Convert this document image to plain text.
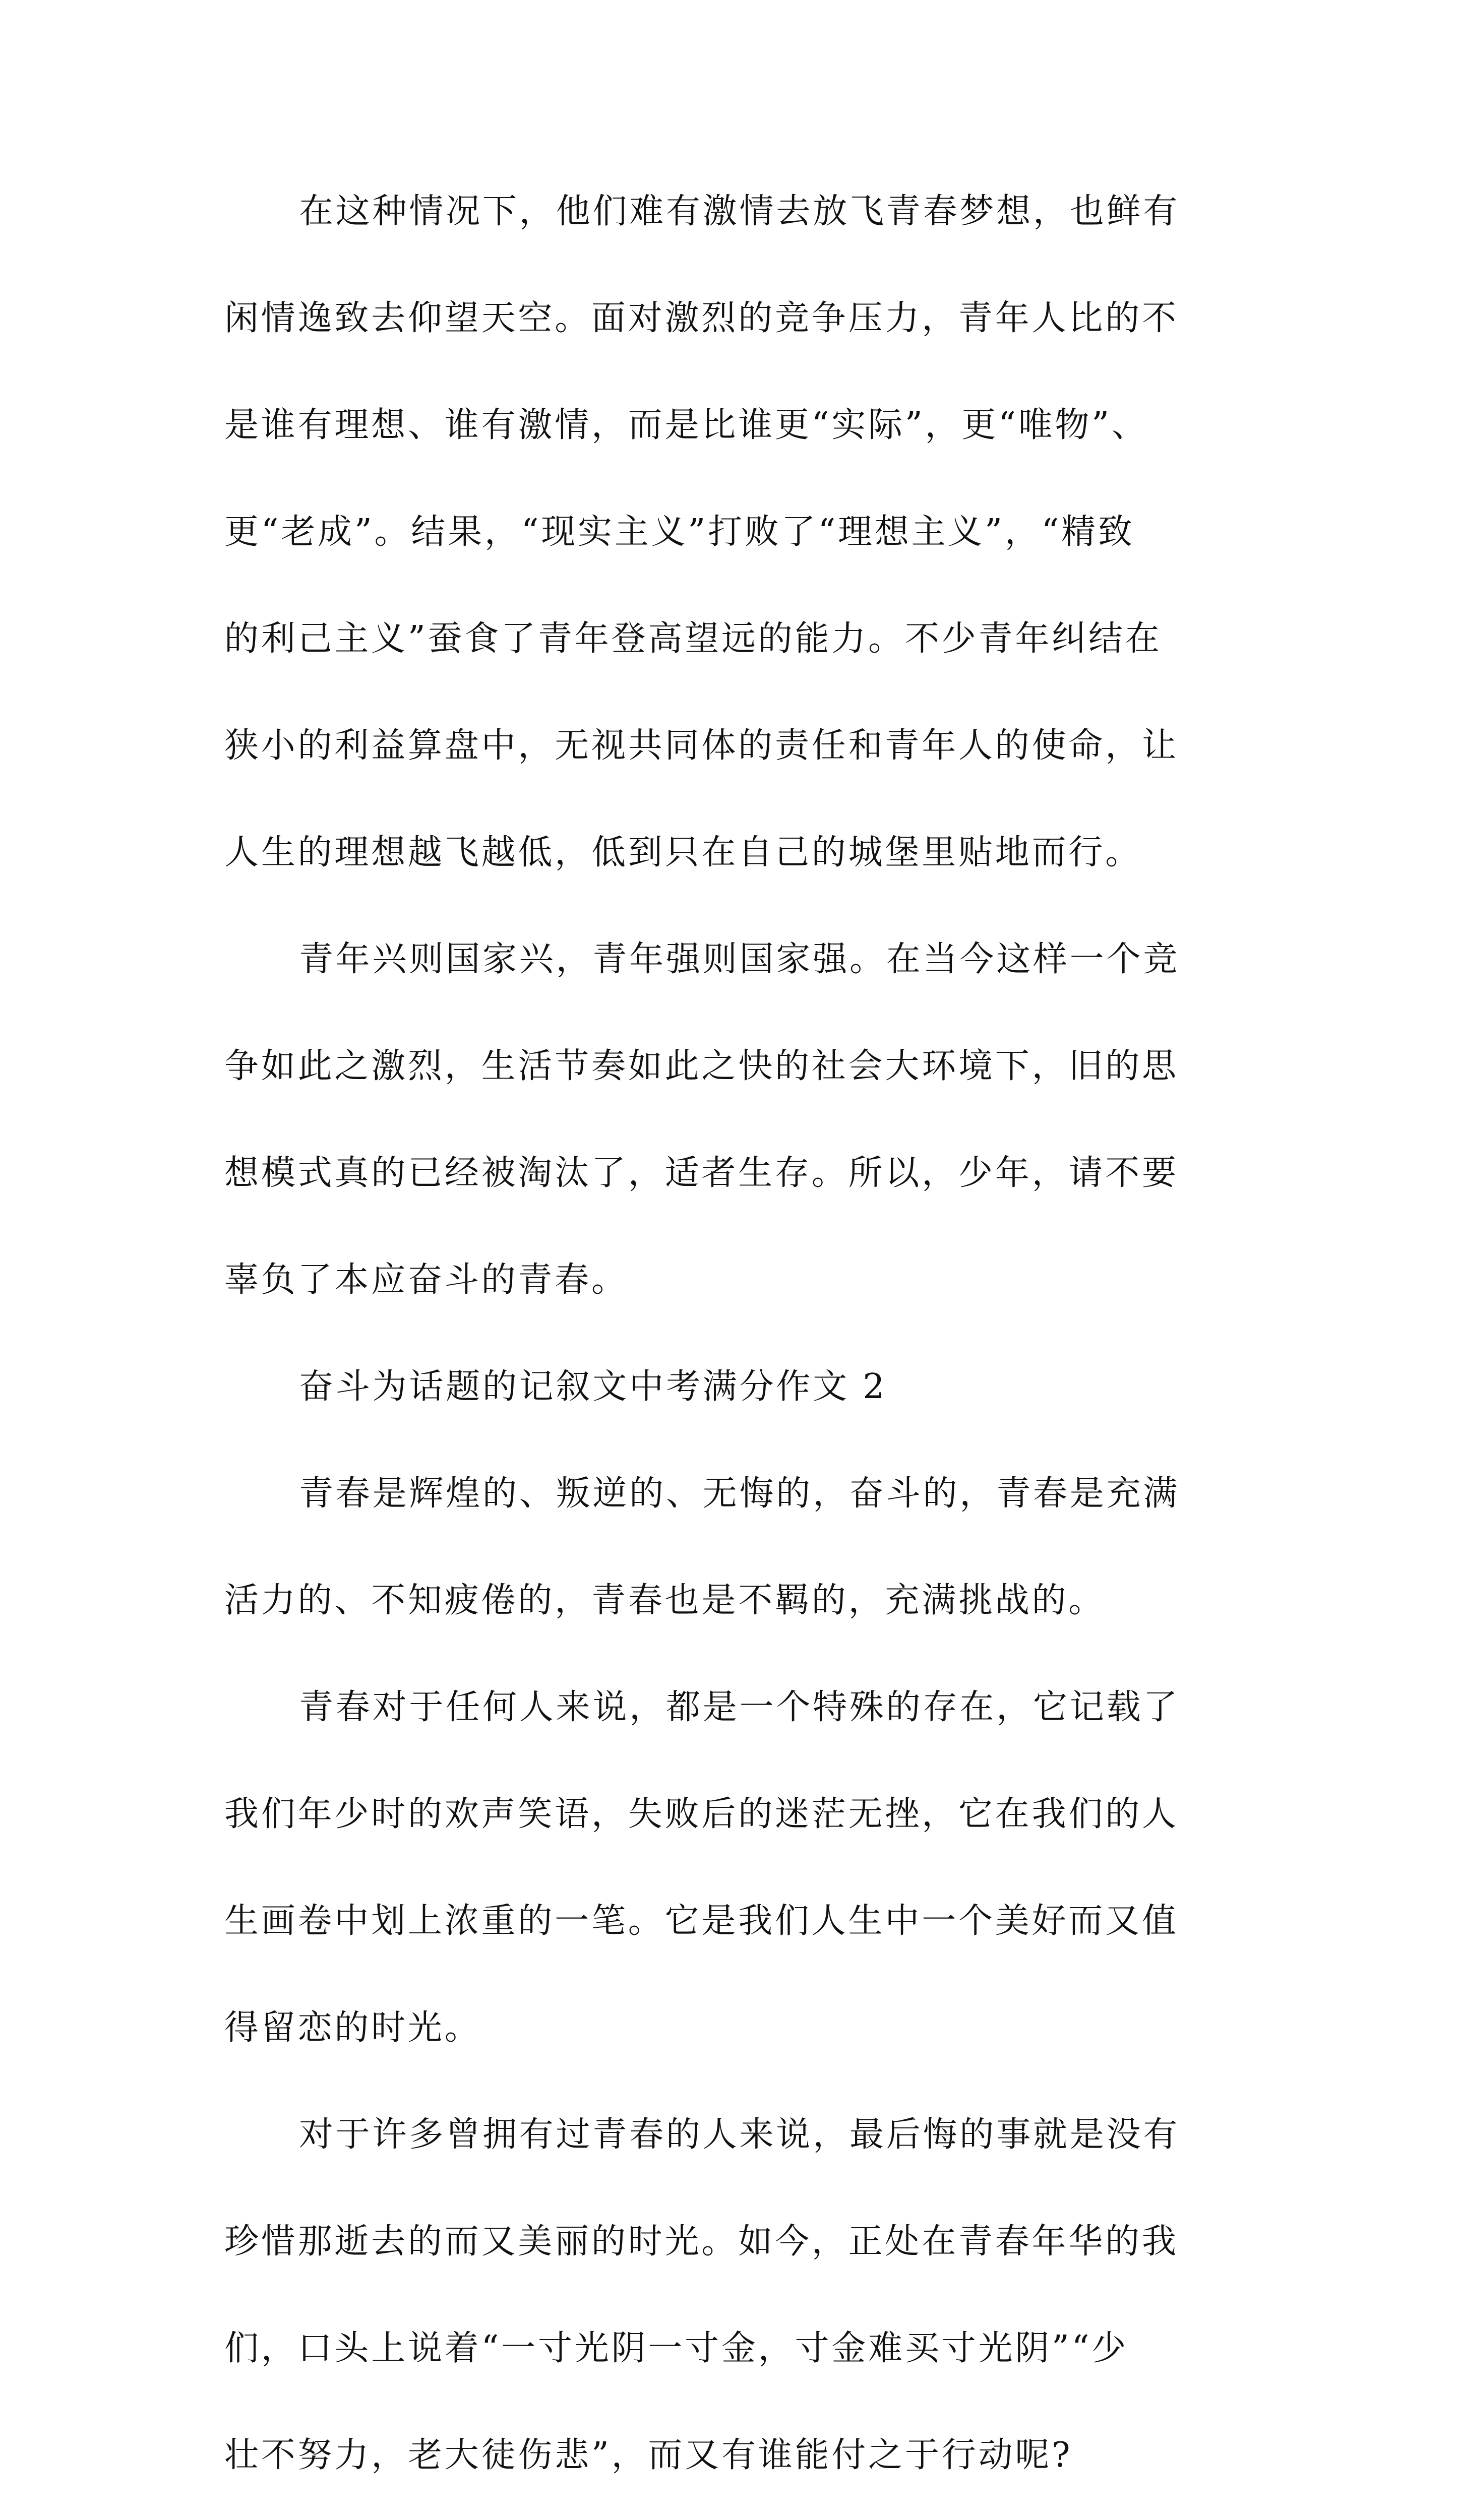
在这种情况下，他们难有激情去放飞青春梦想，也鲜有

闲情逸致去仰望天空。面对激烈的竞争压力，青年人比的不

是谁有理想、谁有激情，而是比谁更“实际”，更“唯物”、

更“老成”。结果，“现实主义”打败了“理想主义”，“精致

的利己主义”蚕食了青年登高望远的能力。不少青年纠结在

狭小的利益算盘中，无视共同体的责任和青年人的使命，让

人生的理想越飞越低，低到只在自己的城堡里贴地而行。

青年兴则国家兴，青年强则国家强。在当今这样一个竞

争如此之激烈，生活节奏如此之快的社会大环境下，旧的思

想模式真的已经被淘汰了，适者生存。所以，少年，请不要

辜负了本应奋斗的青春。

奋斗为话题的记叙文中考满分作文 2

青春是辉煌的、叛逆的、无悔的，奋斗的，青春是充满

活力的、不知疲倦的，青春也是不羁的，充满挑战的。

青春对于任何人来说，都是一个特殊的存在，它记载了

我们年少时的欢声笑语，失败后的迷茫无挫，它在我们的人

生画卷中划上浓重的一笔。它是我们人生中一个美好而又值

得留恋的时光。

对于许多曾拥有过青春的人来说，最后悔的事就是没有

珍惜那逝去的而又美丽的时光。如今，正处在青春年华的我

们，口头上说着“一寸光阴一寸金，寸金难买寸光阴”“少

壮不努力，老大徒伤悲”，而又有谁能付之于行动呢?
